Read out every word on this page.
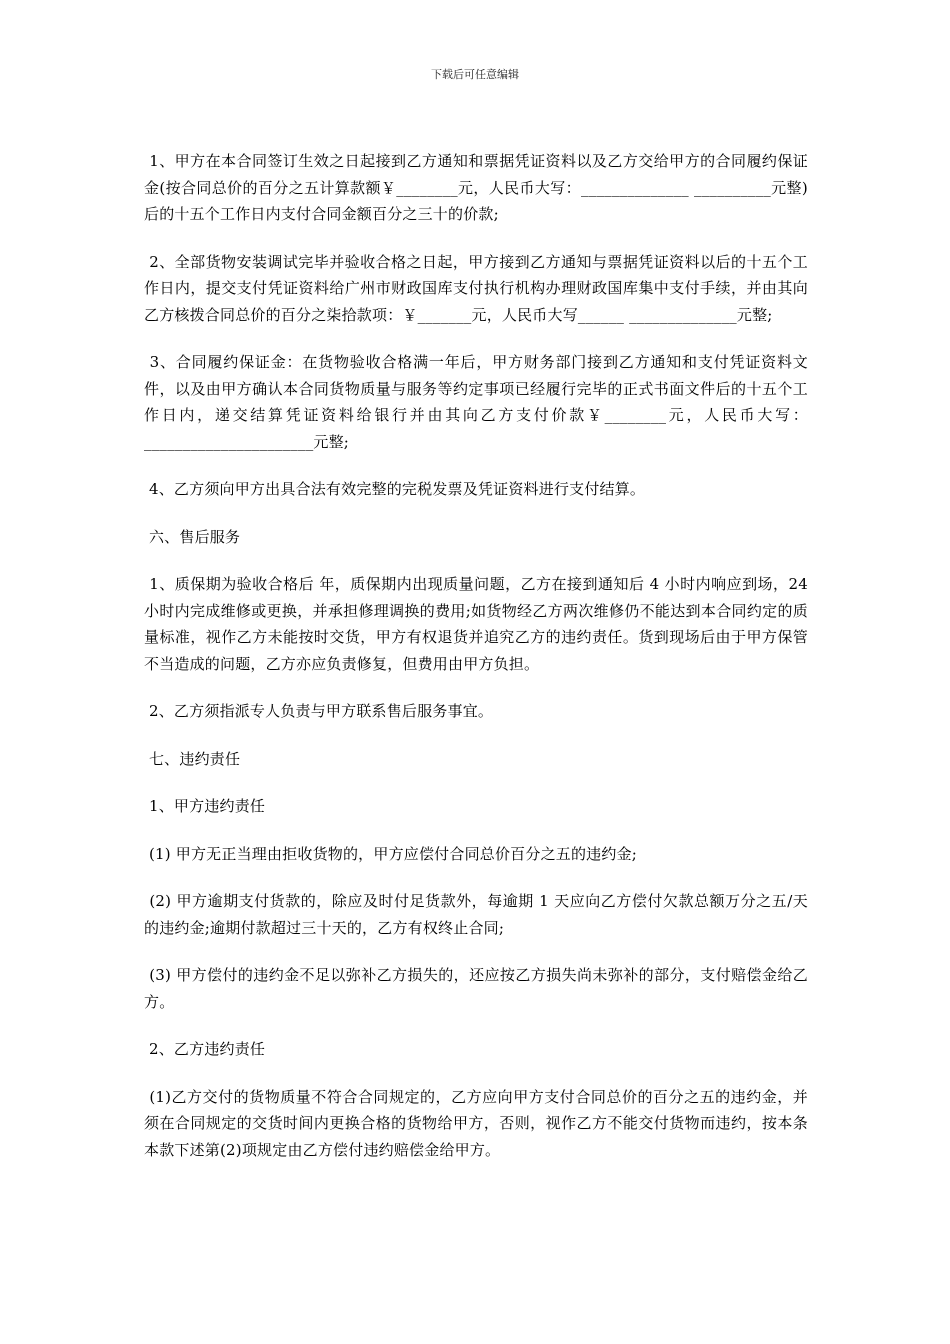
下载后可任意编辑

1、甲方在本合同签订生效之日起接到乙方通知和票据凭证资料以及乙方交给甲方的合同履约保证金(按合同总价的百分之五计算款额￥________元，人民币大写：______________ __________元整)后的十五个工作日内支付合同金额百分之三十的价款;

2、全部货物安装调试完毕并验收合格之日起，甲方接到乙方通知与票据凭证资料以后的十五个工作日内，提交支付凭证资料给广州市财政国库支付执行机构办理财政国库集中支付手续，并由其向乙方核拨合同总价的百分之柒拾款项：￥_______元，人民币大写______ ______________元整;

3、合同履约保证金：在货物验收合格满一年后，甲方财务部门接到乙方通知和支付凭证资料文件，以及由甲方确认本合同货物质量与服务等约定事项已经履行完毕的正式书面文件后的十五个工作日内，递交结算凭证资料给银行并由其向乙方支付价款￥________元，人民币大写：______________________元整;

4、乙方须向甲方出具合法有效完整的完税发票及凭证资料进行支付结算。

六、售后服务

1、质保期为验收合格后 年，质保期内出现质量问题，乙方在接到通知后 4 小时内响应到场，24 小时内完成维修或更换，并承担修理调换的费用;如货物经乙方两次维修仍不能达到本合同约定的质量标准，视作乙方未能按时交货，甲方有权退货并追究乙方的违约责任。货到现场后由于甲方保管不当造成的问题，乙方亦应负责修复，但费用由甲方负担。

2、乙方须指派专人负责与甲方联系售后服务事宜。

七、违约责任

1、甲方违约责任

(1) 甲方无正当理由拒收货物的，甲方应偿付合同总价百分之五的违约金;

(2) 甲方逾期支付货款的，除应及时付足货款外，每逾期 1 天应向乙方偿付欠款总额万分之五/天的违约金;逾期付款超过三十天的，乙方有权终止合同;

(3) 甲方偿付的违约金不足以弥补乙方损失的，还应按乙方损失尚未弥补的部分，支付赔偿金给乙方。

2、乙方违约责任

(1)乙方交付的货物质量不符合合同规定的，乙方应向甲方支付合同总价的百分之五的违约金，并须在合同规定的交货时间内更换合格的货物给甲方，否则，视作乙方不能交付货物而违约，按本条本款下述第(2)项规定由乙方偿付违约赔偿金给甲方。
